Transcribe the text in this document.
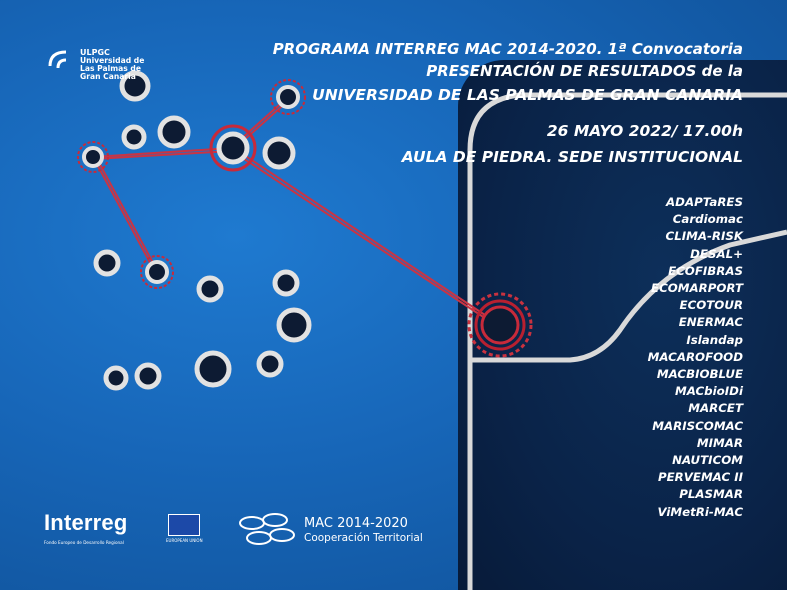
ULPGC
Universidad de Las Palmas de Gran Canaria
PROGRAMA INTERREG MAC 2014-2020. 1ª Convocatoria
PRESENTACIÓN DE RESULTADOS de la
UNIVERSIDAD DE LAS PALMAS DE GRAN CANARIA
26 MAYO 2022/ 17.00h
AULA DE PIEDRA. SEDE INSTITUCIONAL
ADAPTaRES
Cardiomac
CLIMA-RISK
DESAL+
ECOFIBRAS
ECOMARPORT
ECOTOUR
ENERMAC
Islandap
MACAROFOOD
MACBIOBLUE
MACbioIDi
MARCET
MARISCOMAC
MIMAR
NAUTICOM
PERVEMAC II
PLASMAR
ViMetRi-MAC
Interreg
Fondo Europeo de Desarrollo Regional	EUROPEAN UNION
MAC 2014-2020
Cooperación Territorial
